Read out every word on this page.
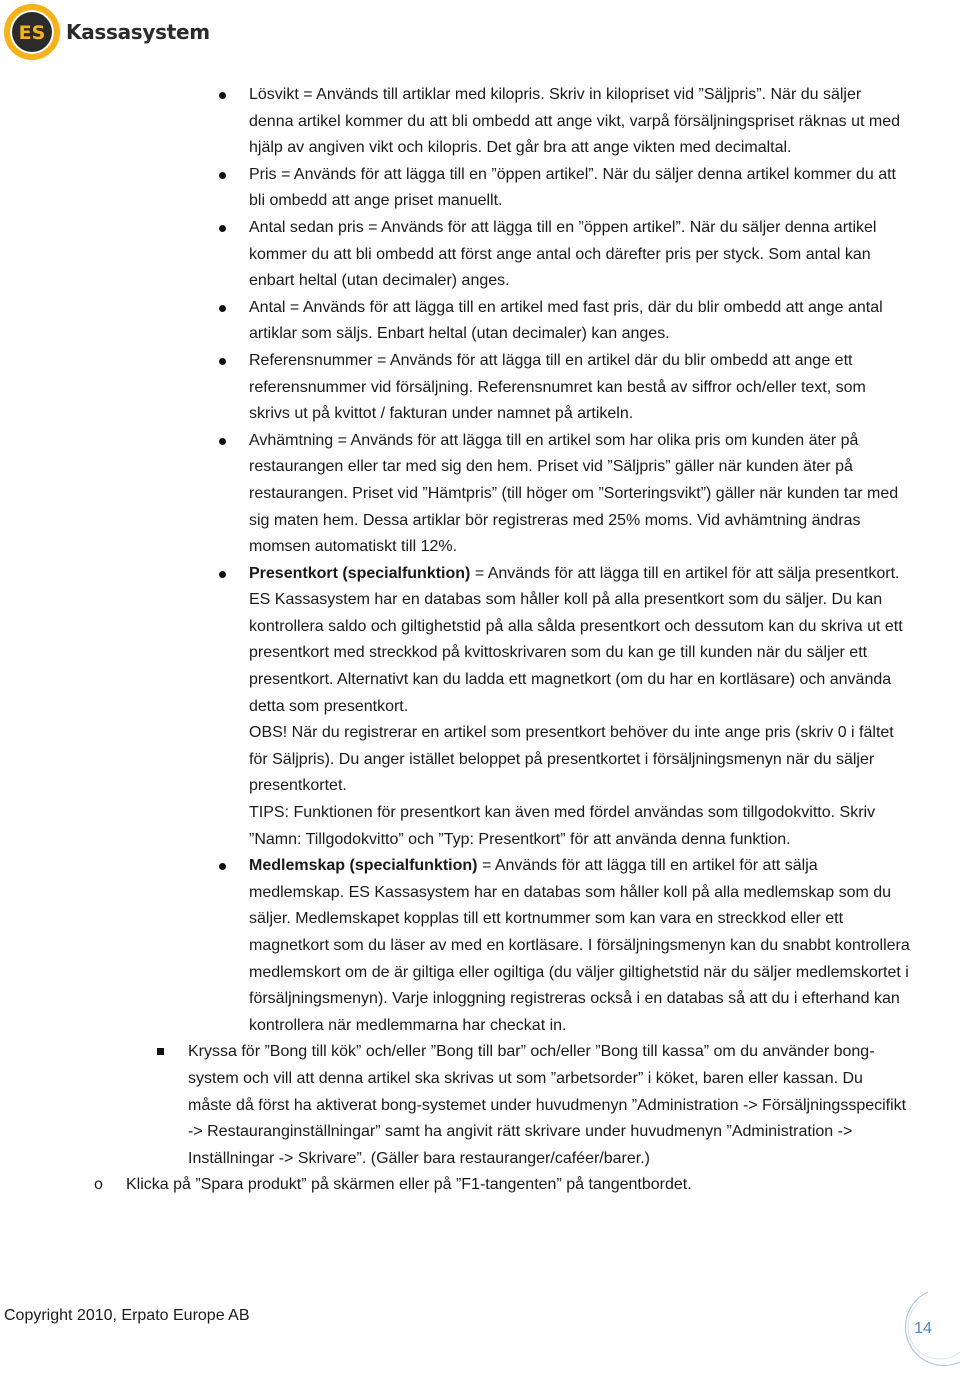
ES Kassasystem

Lösvikt = Används till artiklar med kilopris. Skriv in kilopriset vid ”Säljpris”. När du säljer denna artikel kommer du att bli ombedd att ange vikt, varpå försäljningspriset räknas ut med hjälp av angiven vikt och kilopris. Det går bra att ange vikten med decimaltal.

Pris = Används för att lägga till en ”öppen artikel”. När du säljer denna artikel kommer du att bli ombedd att ange priset manuellt.

Antal sedan pris = Används för att lägga till en ”öppen artikel”. När du säljer denna artikel kommer du att bli ombedd att först ange antal och därefter pris per styck. Som antal kan enbart heltal (utan decimaler) anges.

Antal = Används för att lägga till en artikel med fast pris, där du blir ombedd att ange antal artiklar som säljs. Enbart heltal (utan decimaler) kan anges.

Referensnummer = Används för att lägga till en artikel där du blir ombedd att ange ett referensnummer vid försäljning. Referensnumret kan bestå av siffror och/eller text, som skrivs ut på kvittot / fakturan under namnet på artikeln.

Avhämtning = Används för att lägga till en artikel som har olika pris om kunden äter på restaurangen eller tar med sig den hem. Priset vid ”Säljpris” gäller när kunden äter på restaurangen. Priset vid ”Hämtpris” (till höger om ”Sorteringsvikt”) gäller när kunden tar med sig maten hem. Dessa artiklar bör registreras med 25% moms. Vid avhämtning ändras momsen automatiskt till 12%.

Presentkort (specialfunktion) = Används för att lägga till en artikel för att sälja presentkort. ES Kassasystem har en databas som håller koll på alla presentkort som du säljer. Du kan kontrollera saldo och giltighetstid på alla sålda presentkort och dessutom kan du skriva ut ett presentkort med streckkod på kvittoskrivaren som du kan ge till kunden när du säljer ett presentkort. Alternativt kan du ladda ett magnetkort (om du har en kortläsare) och använda detta som presentkort.

OBS! När du registrerar en artikel som presentkort behöver du inte ange pris (skriv 0 i fältet för Säljpris). Du anger istället beloppet på presentkortet i försäljningsmenyn när du säljer presentkortet.

TIPS: Funktionen för presentkort kan även med fördel användas som tillgodokvitto. Skriv ”Namn: Tillgodokvitto” och ”Typ: Presentkort” för att använda denna funktion.

Medlemskap (specialfunktion) = Används för att lägga till en artikel för att sälja medlemskap. ES Kassasystem har en databas som håller koll på alla medlemskap som du säljer. Medlemskapet kopplas till ett kortnummer som kan vara en streckkod eller ett magnetkort som du läser av med en kortläsare. I försäljningsmenyn kan du snabbt kontrollera medlemskort om de är giltiga eller ogiltiga (du väljer giltighetstid när du säljer medlemskortet i försäljningsmenyn). Varje inloggning registreras också i en databas så att du i efterhand kan kontrollera när medlemmarna har checkat in.

Kryssa för ”Bong till kök” och/eller ”Bong till bar” och/eller ”Bong till kassa” om du använder bong-system och vill att denna artikel ska skrivas ut som ”arbetsorder” i köket, baren eller kassan. Du måste då först ha aktiverat bong-systemet under huvudmenyn ”Administration -> Försäljningsspecifikt -> Restauranginställningar” samt ha angivit rätt skrivare under huvudmenyn ”Administration -> Inställningar -> Skrivare”. (Gäller bara restauranger/caféer/barer.)

o Klicka på ”Spara produkt” på skärmen eller på ”F1-tangenten” på tangentbordet.

Copyright 2010, Erpato Europe AB
14
